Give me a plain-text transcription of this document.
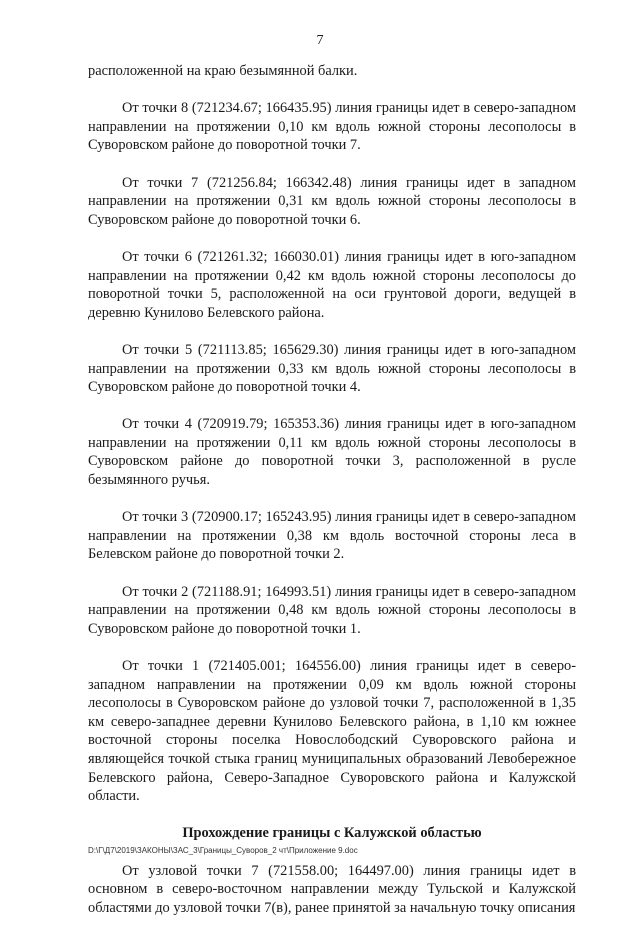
7

расположенной на краю безымянной балки.

От точки 8 (721234.67; 166435.95) линия границы идет в северо-западном направлении на протяжении 0,10 км вдоль южной стороны лесополосы в Суворовском районе до поворотной точки 7.

От точки 7 (721256.84; 166342.48) линия границы идет в западном направлении на протяжении 0,31 км вдоль южной стороны лесополосы в Суворовском районе до поворотной точки 6.

От точки 6 (721261.32; 166030.01) линия границы идет в юго-западном направлении на протяжении 0,42 км вдоль южной стороны лесополосы до поворотной точки 5, расположенной на оси грунтовой дороги, ведущей в деревню Кунилово Белевского района.

От точки 5 (721113.85; 165629.30) линия границы идет в юго-западном направлении на протяжении 0,33 км вдоль южной стороны лесополосы в Суворовском районе до поворотной точки 4.

От точки 4 (720919.79; 165353.36) линия границы идет в юго-западном направлении на протяжении 0,11 км вдоль южной стороны лесополосы в Суворовском районе до поворотной точки 3, расположенной в русле безымянного ручья.

От точки 3 (720900.17; 165243.95) линия границы идет в северо-западном направлении на протяжении 0,38 км вдоль восточной стороны леса в Белевском районе до поворотной точки 2.

От точки 2 (721188.91; 164993.51) линия границы идет в северо-западном направлении на протяжении 0,48 км вдоль южной стороны лесополосы в Суворовском районе до поворотной точки 1.

От точки 1 (721405.001; 164556.00) линия границы идет в северо-западном направлении на протяжении 0,09 км вдоль южной стороны лесополосы в Суворовском районе до узловой точки 7, расположенной в 1,35 км северо-западнее деревни Кунилово Белевского района, в 1,10 км южнее восточной стороны поселка Новослободский Суворовского района и являющейся точкой стыка границ муниципальных образований Левобережное Белевского района, Северо-Западное Суворовского района и Калужской области.

Прохождение границы с Калужской областью

От узловой точки 7 (721558.00; 164497.00) линия границы идет в основном в северо-восточном направлении между Тульской и Калужской областями до узловой точки 7(в), ранее принятой за начальную точку описания

D:\Г\Д7\2019\ЗАКОНЫ\ЗАС_3\Границы_Суворов_2 чт\Приложение 9.doc
